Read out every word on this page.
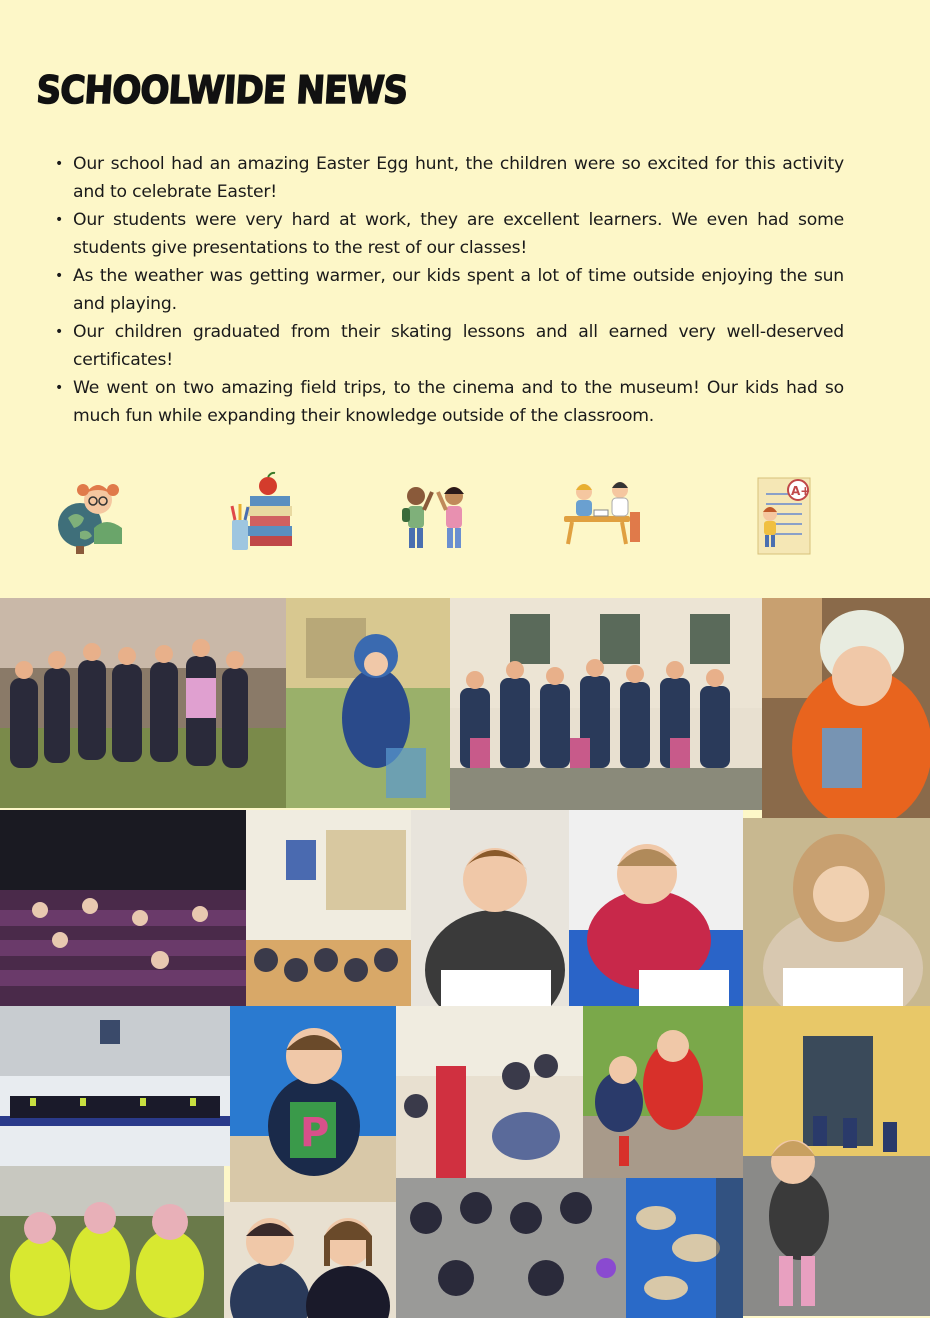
SCHOOLWIDE NEWS
• Our school had an amazing Easter Egg hunt, the children were so excited for this activity and to celebrate Easter!
• Our students were very hard at work, they are excellent learners. We even had some students give presentations to the rest of our classes!
• As the weather was getting warmer, our kids spent a lot of time outside enjoying the sun and playing.
• Our children graduated from their skating lessons and all earned very well-deserved certificates!
• We went on two amazing field trips, to the cinema and to the museum! Our kids had so much fun while expanding their knowledge outside of the classroom.
A+
P
